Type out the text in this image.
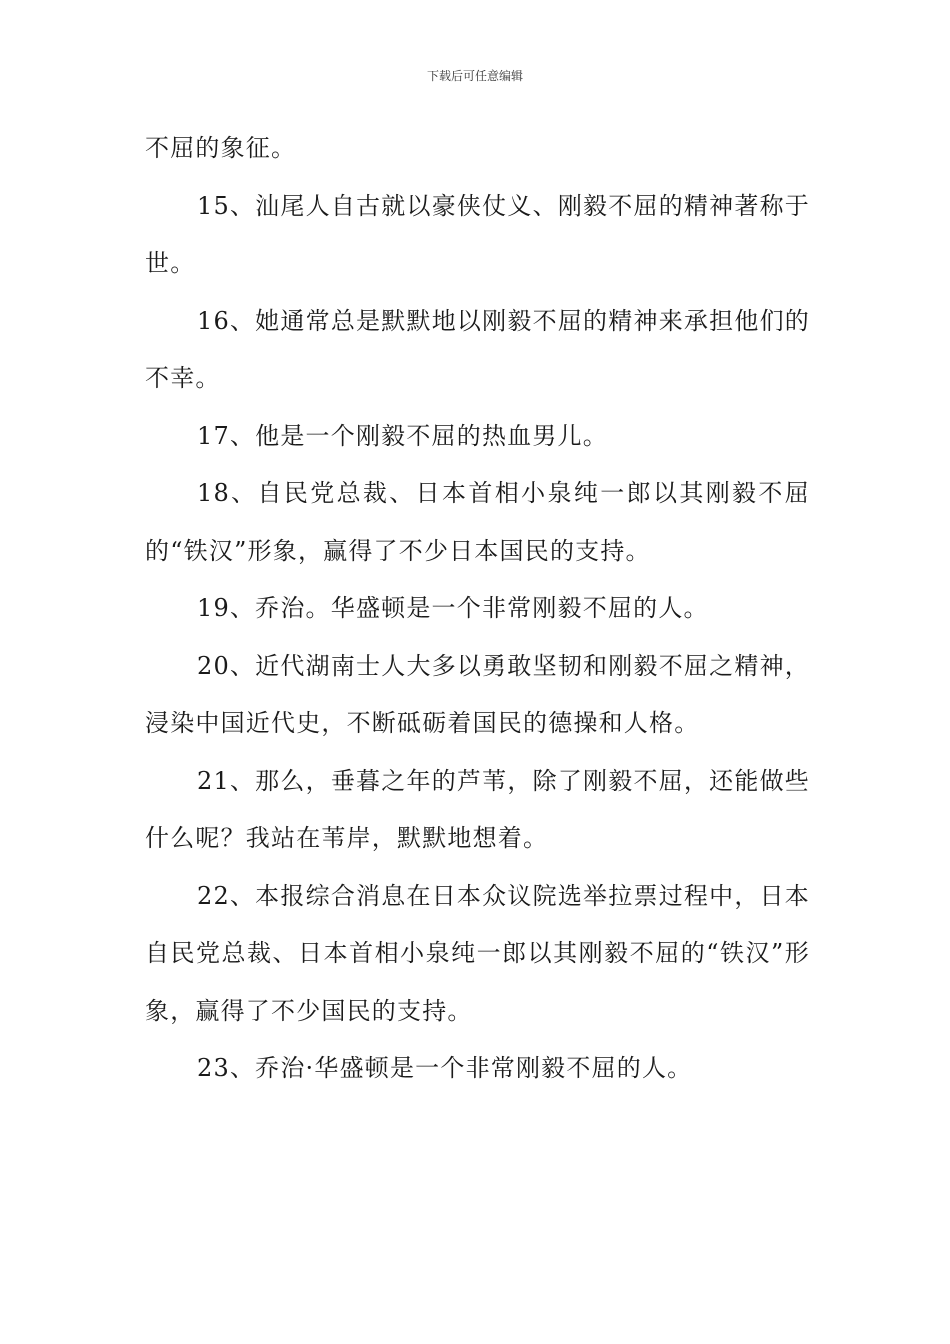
下载后可任意编辑

不屈的象征。

15、汕尾人自古就以豪侠仗义、刚毅不屈的精神著称于世。

16、她通常总是默默地以刚毅不屈的精神来承担他们的不幸。

17、他是一个刚毅不屈的热血男儿。

18、自民党总裁、日本首相小泉纯一郎以其刚毅不屈的“铁汉”形象，赢得了不少日本国民的支持。

19、乔治。华盛顿是一个非常刚毅不屈的人。

20、近代湖南士人大多以勇敢坚韧和刚毅不屈之精神，浸染中国近代史，不断砥砺着国民的德操和人格。

21、那么，垂暮之年的芦苇，除了刚毅不屈，还能做些什么呢？我站在苇岸，默默地想着。

22、本报综合消息在日本众议院选举拉票过程中，日本自民党总裁、日本首相小泉纯一郎以其刚毅不屈的“铁汉”形象，赢得了不少国民的支持。

23、乔治·华盛顿是一个非常刚毅不屈的人。
